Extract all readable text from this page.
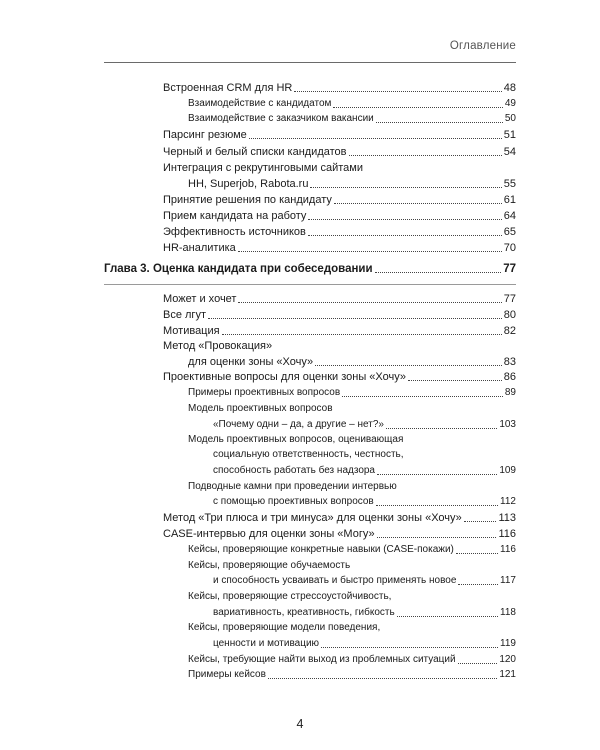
Оглавление
Встроенная CRM для HR	48
Взаимодействие с кандидатом	49
Взаимодействие с заказчиком вакансии	50
Парсинг резюме	51
Черный и белый списки кандидатов	54
Интеграция с рекрутинговыми сайтами
HH, Superjob, Rabota.ru	55
Принятие решения по кандидату	61
Прием кандидата на работу	64
Эффективность источников	65
HR-аналитика	70
Глава 3. Оценка кандидата при собеседовании	77
Может и хочет	77
Все лгут	80
Мотивация	82
Метод «Провокация»
для оценки зоны «Хочу»	83
Проективные вопросы для оценки зоны «Хочу»	86
Примеры проективных вопросов	89
Модель проективных вопросов
«Почему одни – да, а другие – нет?»	103
Модель проективных вопросов, оценивающая
социальную ответственность, честность,
способность работать без надзора	109
Подводные камни при проведении интервью
с помощью проективных вопросов	112
Метод «Три плюса и три минуса» для оценки зоны «Хочу»	113
CASE-интервью для оценки зоны «Могу»	116
Кейсы, проверяющие конкретные навыки (CASE-покажи)	116
Кейсы, проверяющие обучаемость
и способность усваивать и быстро применять новое	117
Кейсы, проверяющие стрессоустойчивость,
вариативность, креативность, гибкость	118
Кейсы, проверяющие модели поведения,
ценности и мотивацию	119
Кейсы, требующие найти выход из проблемных ситуаций	120
Примеры кейсов	121
4
